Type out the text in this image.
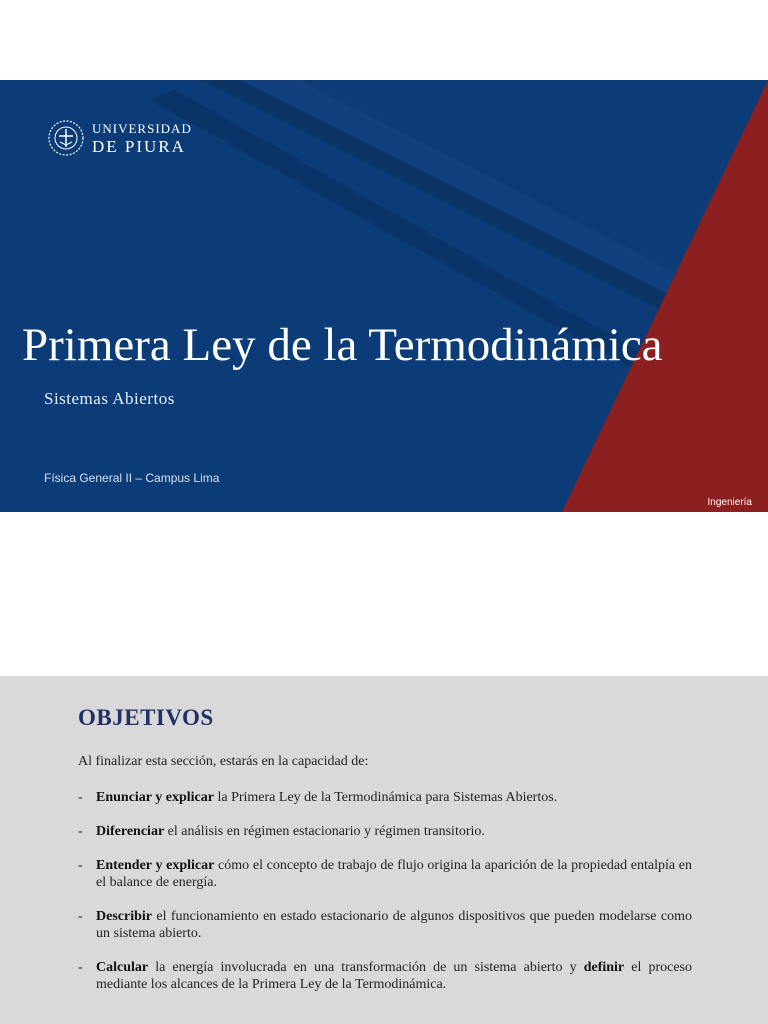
UNIVERSIDAD
DE PIURA
Primera Ley de la Termodinámica
Sistemas Abiertos
Física General II – Campus Lima
Ingeniería
OBJETIVOS
Al finalizar esta sección, estarás en la capacidad de:
- Enunciar y explicar la Primera Ley de la Termodinámica para Sistemas Abiertos.
- Diferenciar el análisis en régimen estacionario y régimen transitorio.
- Entender y explicar cómo el concepto de trabajo de flujo origina la aparición de la propiedad entalpía en el balance de energía.
- Describir el funcionamiento en estado estacionario de algunos dispositivos que pueden modelarse como un sistema abierto.
- Calcular la energía involucrada en una transformación de un sistema abierto y definir el proceso mediante los alcances de la Primera Ley de la Termodinámica.
